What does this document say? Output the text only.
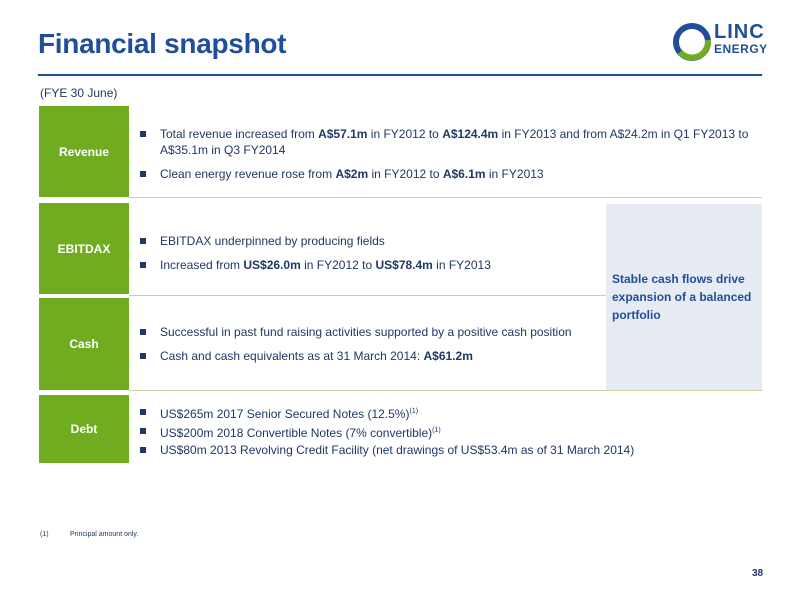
Financial snapshot	LINC
ENERGY
(FYE 30 June)
Revenue
Total revenue increased from A$57.1m in FY2012 to A$124.4m in FY2013 and from A$24.2m in Q1 FY2013 to A$35.1m in Q3 FY2014
Clean energy revenue rose from A$2m in FY2012 to A$6.1m in FY2013
EBITDAX
EBITDAX underpinned by producing fields
Increased from US$26.0m in FY2012 to US$78.4m in FY2013
Cash
Successful in past fund raising activities supported by a positive cash position
Cash and cash equivalents as at 31 March 2014: A$61.2m
Stable cash flows drive expansion of a balanced portfolio
Debt
US$265m 2017 Senior Secured Notes $(12.5\%)^{(1)}$
US$200m 2018 Convertible Notes (7% convertible)$^{(1)}$
US$80m 2013 Revolving Credit Facility (net drawings of US$53.4m as of 31 March 2014)
(1)	Principal amount only.
38
